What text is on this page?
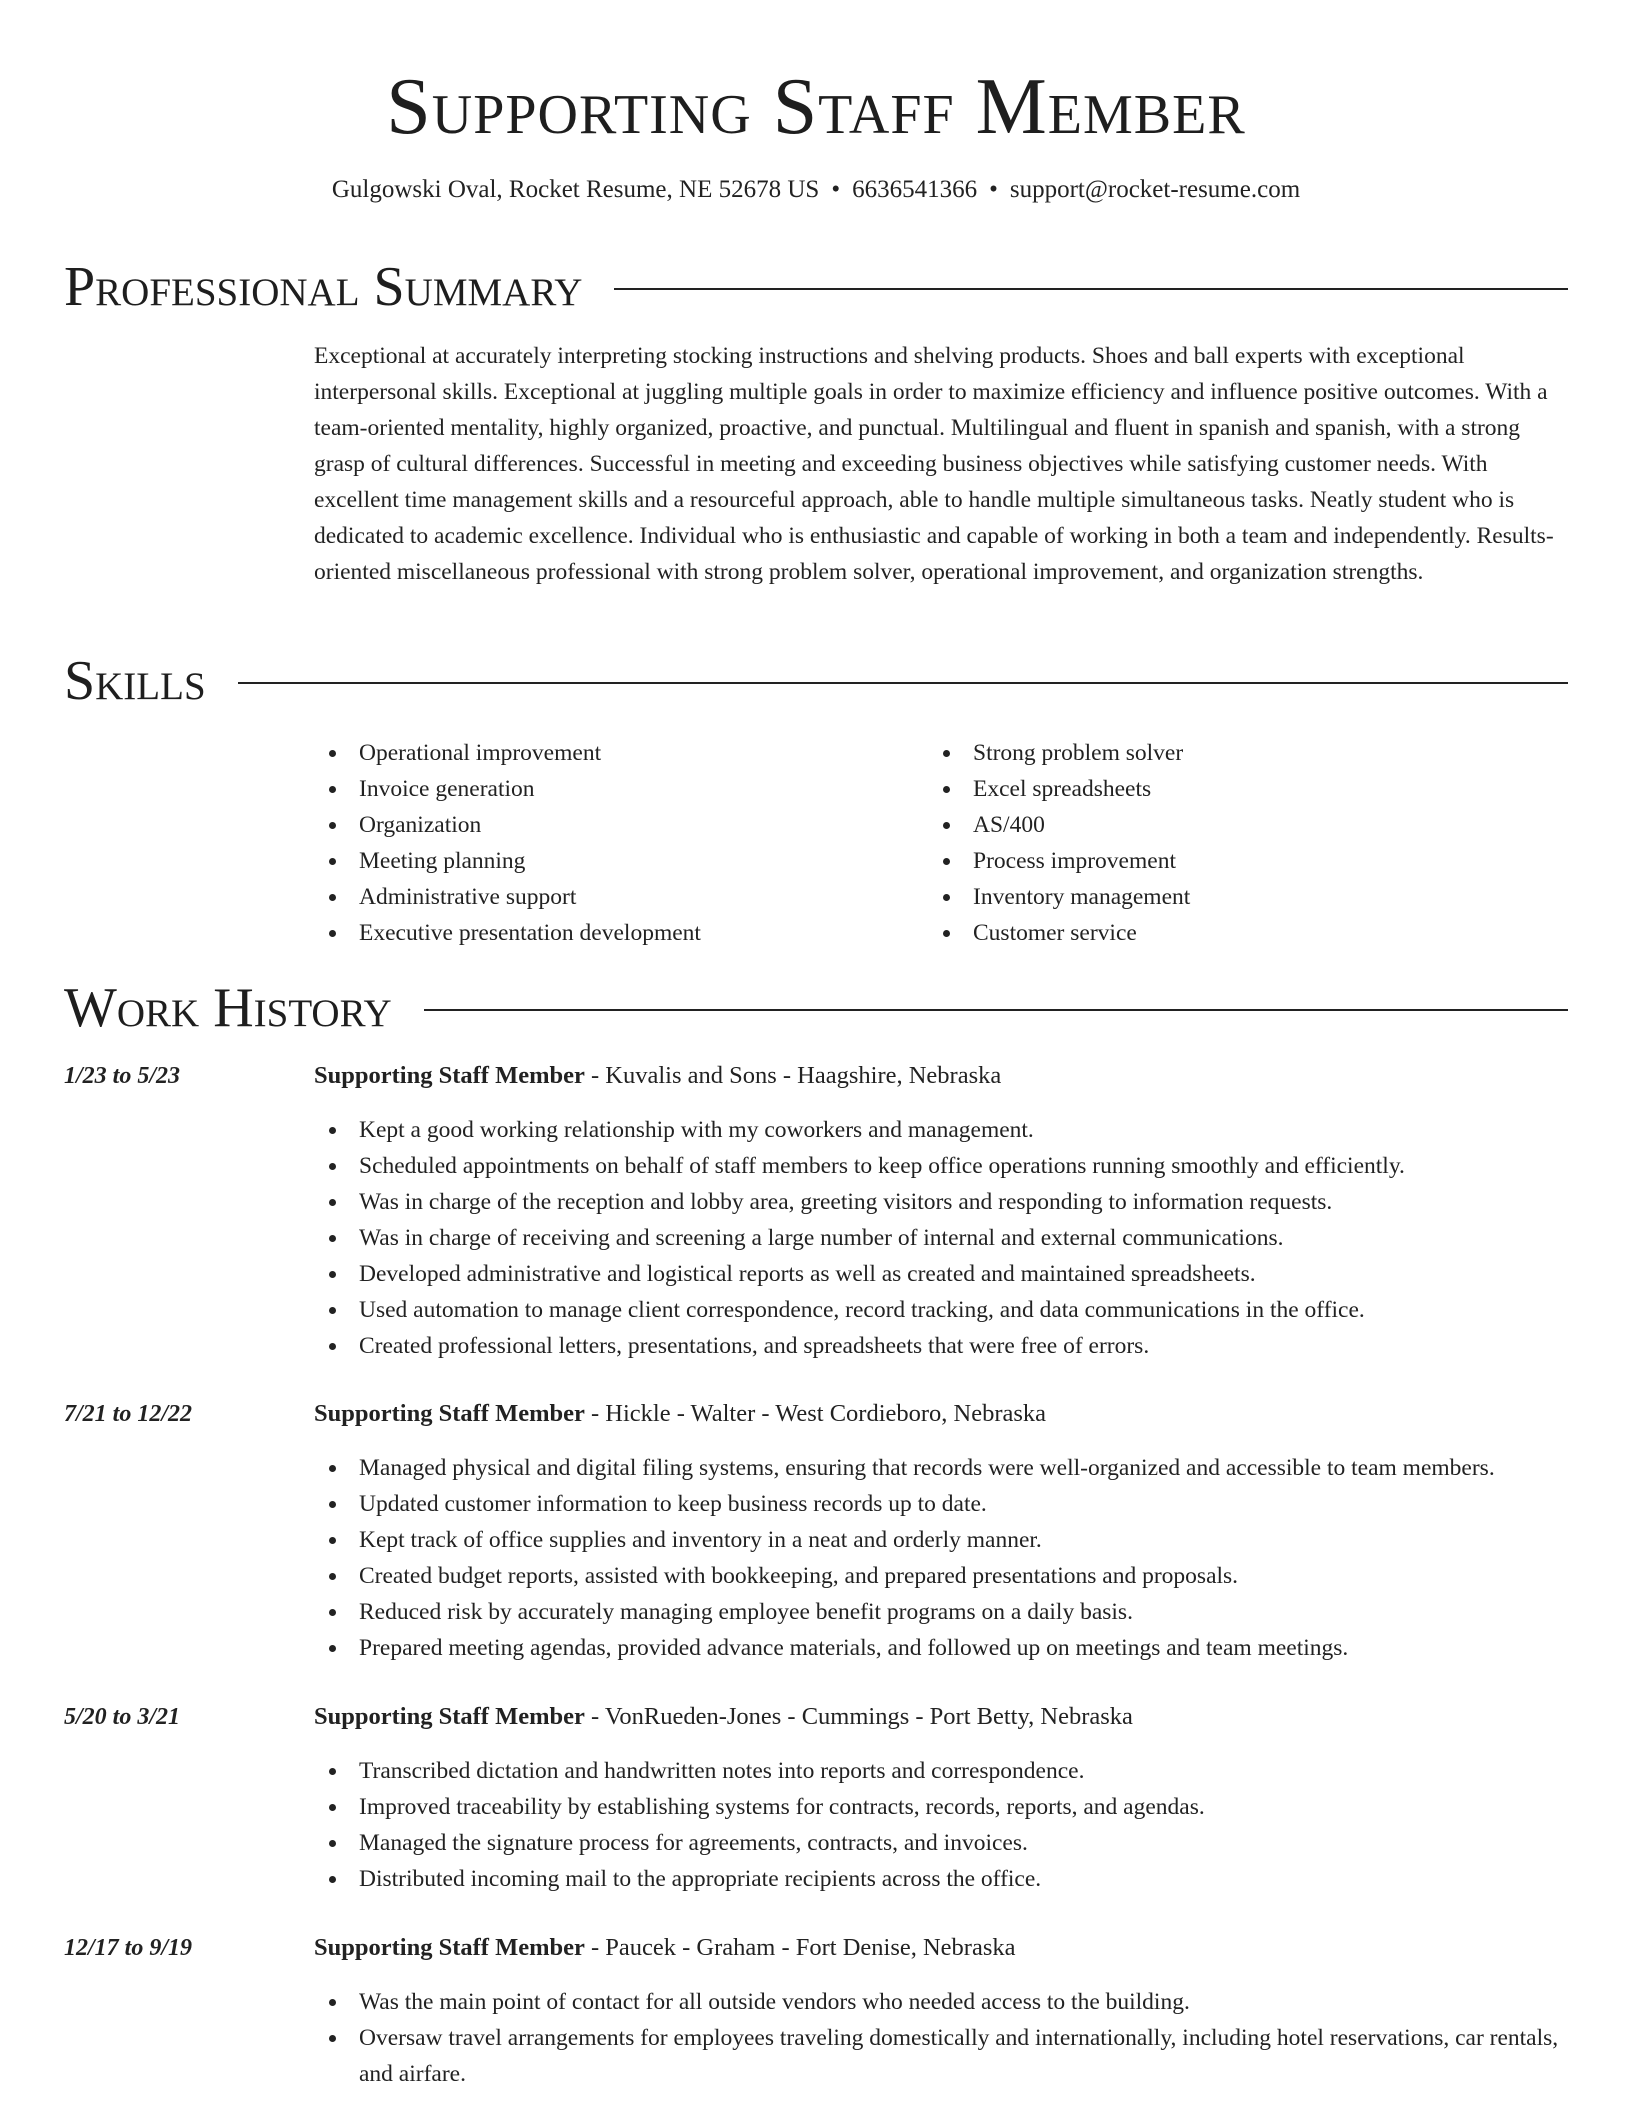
Supporting Staff Member
Gulgowski Oval, Rocket Resume, NE 52678 US • 6636541366 • support@rocket-resume.com
Professional Summary
Exceptional at accurately interpreting stocking instructions and shelving products. Shoes and ball experts with exceptional interpersonal skills. Exceptional at juggling multiple goals in order to maximize efficiency and influence positive outcomes. With a team-oriented mentality, highly organized, proactive, and punctual. Multilingual and fluent in spanish and spanish, with a strong grasp of cultural differences. Successful in meeting and exceeding business objectives while satisfying customer needs. With excellent time management skills and a resourceful approach, able to handle multiple simultaneous tasks. Neatly student who is dedicated to academic excellence. Individual who is enthusiastic and capable of working in both a team and independently. Results-oriented miscellaneous professional with strong problem solver, operational improvement, and organization strengths.
Skills
Operational improvement
Invoice generation
Organization
Meeting planning
Administrative support
Executive presentation development
Strong problem solver
Excel spreadsheets
AS/400
Process improvement
Inventory management
Customer service
Work History
1/23 to 5/23	Supporting Staff Member - Kuvalis and Sons - Haagshire, Nebraska
Kept a good working relationship with my coworkers and management.
Scheduled appointments on behalf of staff members to keep office operations running smoothly and efficiently.
Was in charge of the reception and lobby area, greeting visitors and responding to information requests.
Was in charge of receiving and screening a large number of internal and external communications.
Developed administrative and logistical reports as well as created and maintained spreadsheets.
Used automation to manage client correspondence, record tracking, and data communications in the office.
Created professional letters, presentations, and spreadsheets that were free of errors.
7/21 to 12/22	Supporting Staff Member - Hickle - Walter - West Cordieboro, Nebraska
Managed physical and digital filing systems, ensuring that records were well-organized and accessible to team members.
Updated customer information to keep business records up to date.
Kept track of office supplies and inventory in a neat and orderly manner.
Created budget reports, assisted with bookkeeping, and prepared presentations and proposals.
Reduced risk by accurately managing employee benefit programs on a daily basis.
Prepared meeting agendas, provided advance materials, and followed up on meetings and team meetings.
5/20 to 3/21	Supporting Staff Member - VonRueden-Jones - Cummings - Port Betty, Nebraska
Transcribed dictation and handwritten notes into reports and correspondence.
Improved traceability by establishing systems for contracts, records, reports, and agendas.
Managed the signature process for agreements, contracts, and invoices.
Distributed incoming mail to the appropriate recipients across the office.
12/17 to 9/19	Supporting Staff Member - Paucek - Graham - Fort Denise, Nebraska
Was the main point of contact for all outside vendors who needed access to the building.
Oversaw travel arrangements for employees traveling domestically and internationally, including hotel reservations, car rentals, and airfare.
